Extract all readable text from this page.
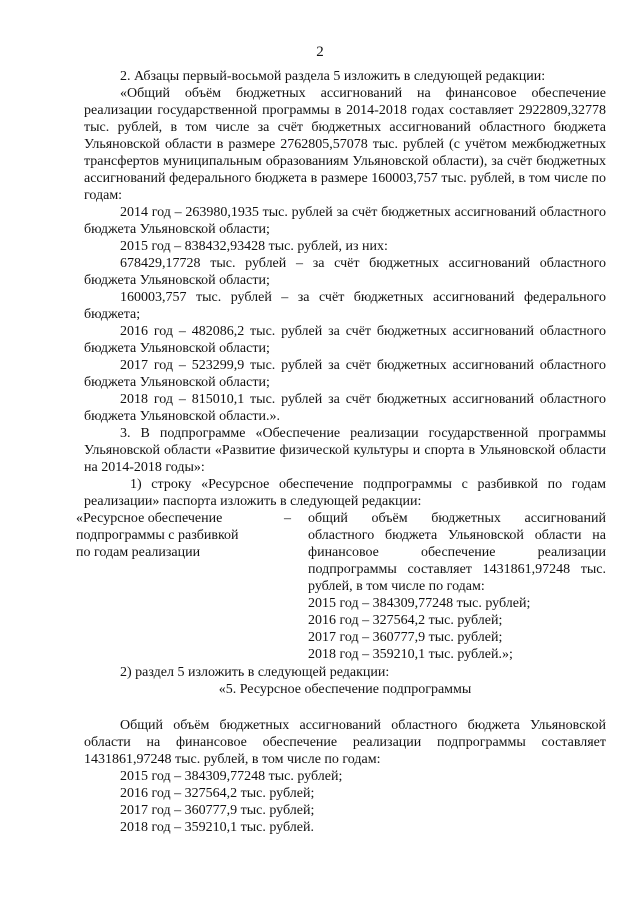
2

2. Абзацы первый-восьмой раздела 5 изложить в следующей редакции:

«Общий объём бюджетных ассигнований на финансовое обеспечение реализации государственной программы в 2014-2018 годах составляет 2922809,32778 тыс. рублей, в том числе за счёт бюджетных ассигнований областного бюджета Ульяновской области в размере 2762805,57078 тыс. рублей (с учётом межбюджетных трансфертов муниципальным образованиям Ульяновской области), за счёт бюджетных ассигнований федерального бюджета в размере 160003,757 тыс. рублей, в том числе по годам:

2014 год – 263980,1935 тыс. рублей за счёт бюджетных ассигнований областного бюджета Ульяновской области;

2015 год – 838432,93428 тыс. рублей, из них:

678429,17728 тыс. рублей – за счёт бюджетных ассигнований областного бюджета Ульяновской области;

160003,757 тыс. рублей – за счёт бюджетных ассигнований федерального бюджета;

2016 год – 482086,2 тыс. рублей за счёт бюджетных ассигнований областного бюджета Ульяновской области;

2017 год – 523299,9 тыс. рублей за счёт бюджетных ассигнований областного бюджета Ульяновской области;

2018 год – 815010,1 тыс. рублей за счёт бюджетных ассигнований областного бюджета Ульяновской области.».

3. В подпрограмме «Обеспечение реализации государственной программы Ульяновской области «Развитие физической культуры и спорта в Ульяновской области на 2014-2018 годы»:

1) строку «Ресурсное обеспечение подпрограммы с разбивкой по годам реализации» паспорта изложить в следующей редакции:

«Ресурсное обеспечение
подпрограммы с разбивкой
по годам реализации
– общий объём бюджетных ассигнований областного бюджета Ульяновской области на финансовое обеспечение реализации подпрограммы составляет 1431861,97248 тыс. рублей, в том числе по годам:

2015 год – 384309,77248 тыс. рублей;
2016 год – 327564,2 тыс. рублей;
2017 год – 360777,9 тыс. рублей;
2018 год – 359210,1 тыс. рублей.»;

2) раздел 5 изложить в следующей редакции:

«5. Ресурсное обеспечение подпрограммы

Общий объём бюджетных ассигнований областного бюджета Ульяновской области на финансовое обеспечение реализации подпрограммы составляет 1431861,97248 тыс. рублей, в том числе по годам:

2015 год – 384309,77248 тыс. рублей;

2016 год – 327564,2 тыс. рублей;

2017 год – 360777,9 тыс. рублей;

2018 год – 359210,1 тыс. рублей.
